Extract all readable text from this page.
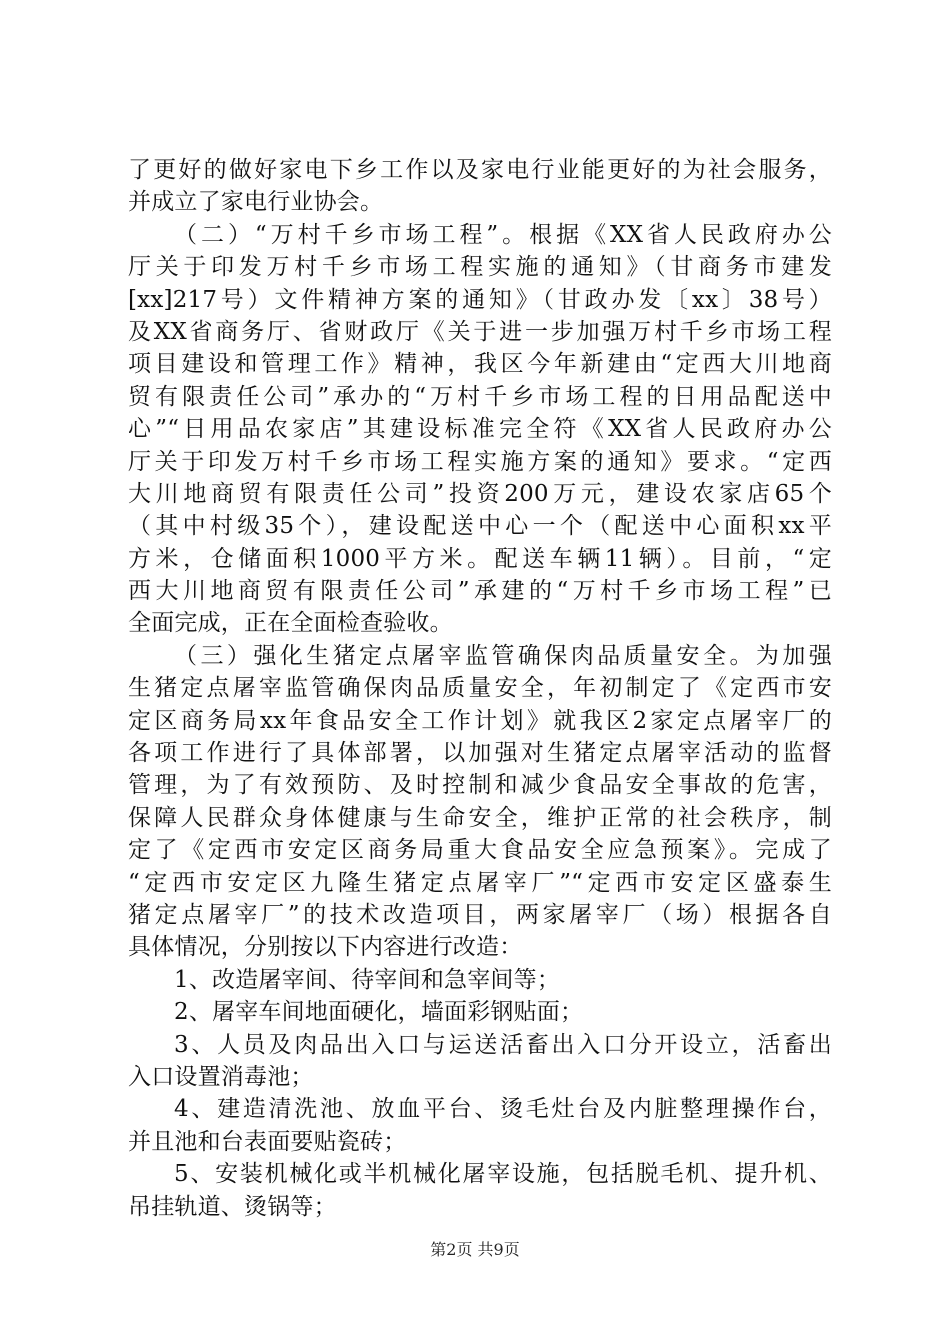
了更好的做好家电下乡工作以及家电行业能更好的为社会服务，
并成立了家电行业协会。
（二）“万村千乡市场工程”。根据《XX省人民政府办公
厅关于印发万村千乡市场工程实施的通知》（甘商务市建发
[xx]217号）文件精神方案的通知》（甘政办发〔xx〕38号）
及XX省商务厅、省财政厅《关于进一步加强万村千乡市场工程
项目建设和管理工作》精神，我区今年新建由“定西大川地商
贸有限责任公司”承办的“万村千乡市场工程的日用品配送中
心”“日用品农家店”其建设标准完全符《XX省人民政府办公
厅关于印发万村千乡市场工程实施方案的通知》要求。“定西
大川地商贸有限责任公司”投资200万元，建设农家店65个
（其中村级35个），建设配送中心一个（配送中心面积xx平
方米，仓储面积1000平方米。配送车辆11辆）。目前，“定
西大川地商贸有限责任公司”承建的“万村千乡市场工程”已
全面完成，正在全面检查验收。
（三）强化生猪定点屠宰监管确保肉品质量安全。为加强
生猪定点屠宰监管确保肉品质量安全，年初制定了《定西市安
定区商务局xx年食品安全工作计划》就我区2家定点屠宰厂的
各项工作进行了具体部署，以加强对生猪定点屠宰活动的监督
管理，为了有效预防、及时控制和减少食品安全事故的危害，
保障人民群众身体健康与生命安全，维护正常的社会秩序，制
定了《定西市安定区商务局重大食品安全应急预案》。完成了
“定西市安定区九隆生猪定点屠宰厂”“定西市安定区盛泰生
猪定点屠宰厂”的技术改造项目，两家屠宰厂（场）根据各自
具体情况，分别按以下内容进行改造：
1、改造屠宰间、待宰间和急宰间等；
2、屠宰车间地面硬化，墙面彩钢贴面；
3、人员及肉品出入口与运送活畜出入口分开设立，活畜出
入口设置消毒池；
4、建造清洗池、放血平台、烫毛灶台及内脏整理操作台，
并且池和台表面要贴瓷砖；
5、安装机械化或半机械化屠宰设施，包括脱毛机、提升机、
吊挂轨道、烫锅等；
第2页 共9页
